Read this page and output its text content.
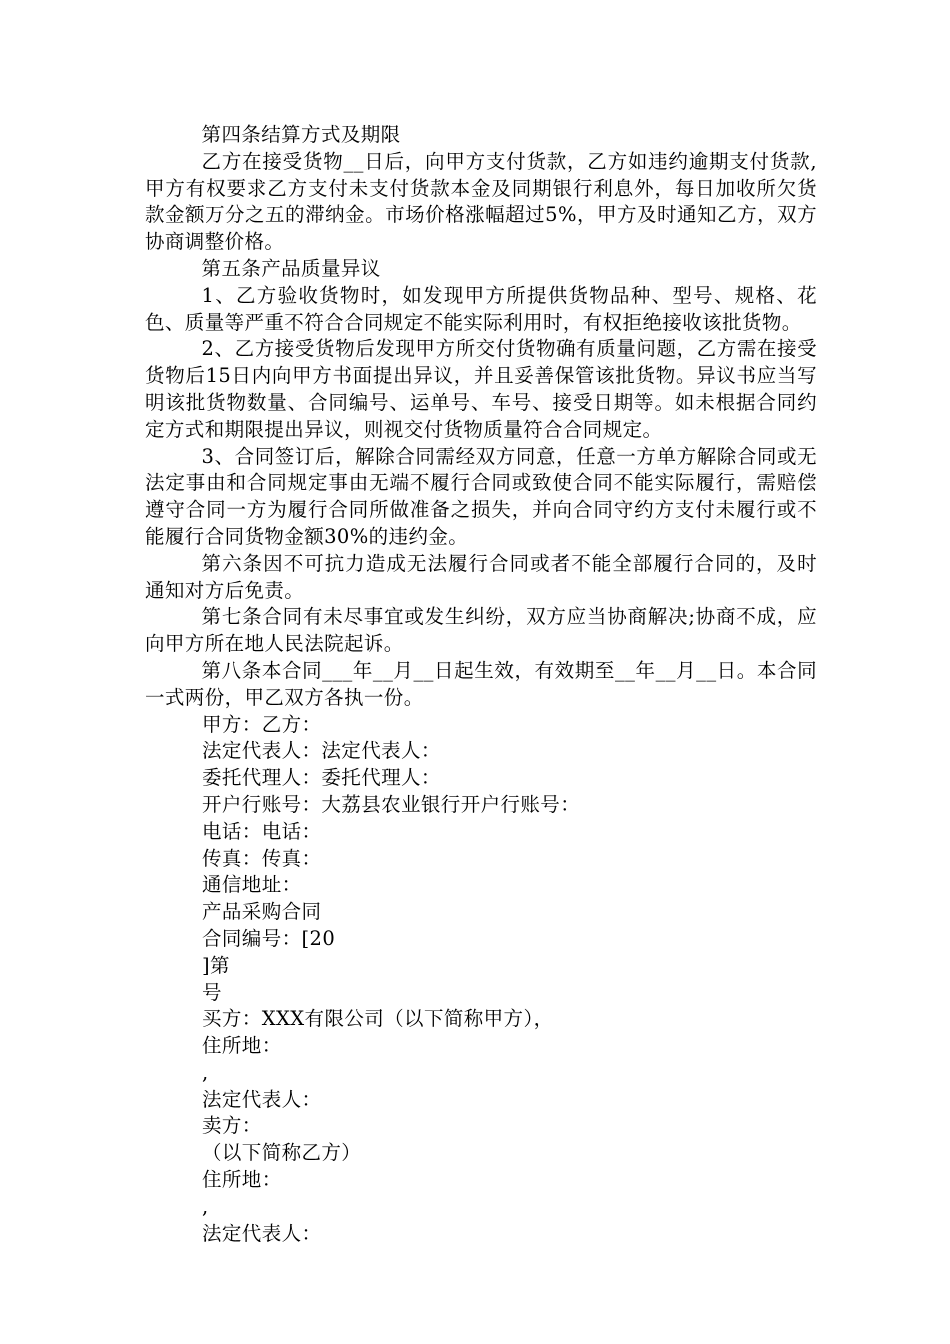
第四条结算方式及期限

乙方在接受货物__日后，向甲方支付货款，乙方如违约逾期支付货款,甲方有权要求乙方支付未支付货款本金及同期银行利息外，每日加收所欠货款金额万分之五的滞纳金。市场价格涨幅超过5%，甲方及时通知乙方，双方协商调整价格。

第五条产品质量异议

1、乙方验收货物时，如发现甲方所提供货物品种、型号、规格、花色、质量等严重不符合合同规定不能实际利用时，有权拒绝接收该批货物。

2、乙方接受货物后发现甲方所交付货物确有质量问题，乙方需在接受货物后15日内向甲方书面提出异议，并且妥善保管该批货物。异议书应当写明该批货物数量、合同编号、运单号、车号、接受日期等。如未根据合同约定方式和期限提出异议，则视交付货物质量符合合同规定。

3、合同签订后，解除合同需经双方同意，任意一方单方解除合同或无法定事由和合同规定事由无端不履行合同或致使合同不能实际履行，需赔偿遵守合同一方为履行合同所做准备之损失，并向合同守约方支付未履行或不能履行合同货物金额30%的违约金。

第六条因不可抗力造成无法履行合同或者不能全部履行合同的，及时通知对方后免责。

第七条合同有未尽事宜或发生纠纷，双方应当协商解决;协商不成，应向甲方所在地人民法院起诉。

第八条本合同___年__月__日起生效，有效期至__年__月__日。本合同一式两份，甲乙双方各执一份。

甲方：乙方：

法定代表人：法定代表人：

委托代理人：委托代理人：

开户行账号：大荔县农业银行开户行账号：

电话：电话：

传真：传真：

通信地址：

产品采购合同

合同编号：[20

]第

号

买方：XXX有限公司（以下简称甲方），

住所地：

,

法定代表人：

卖方：

（以下简称乙方）

住所地：

,

法定代表人：
